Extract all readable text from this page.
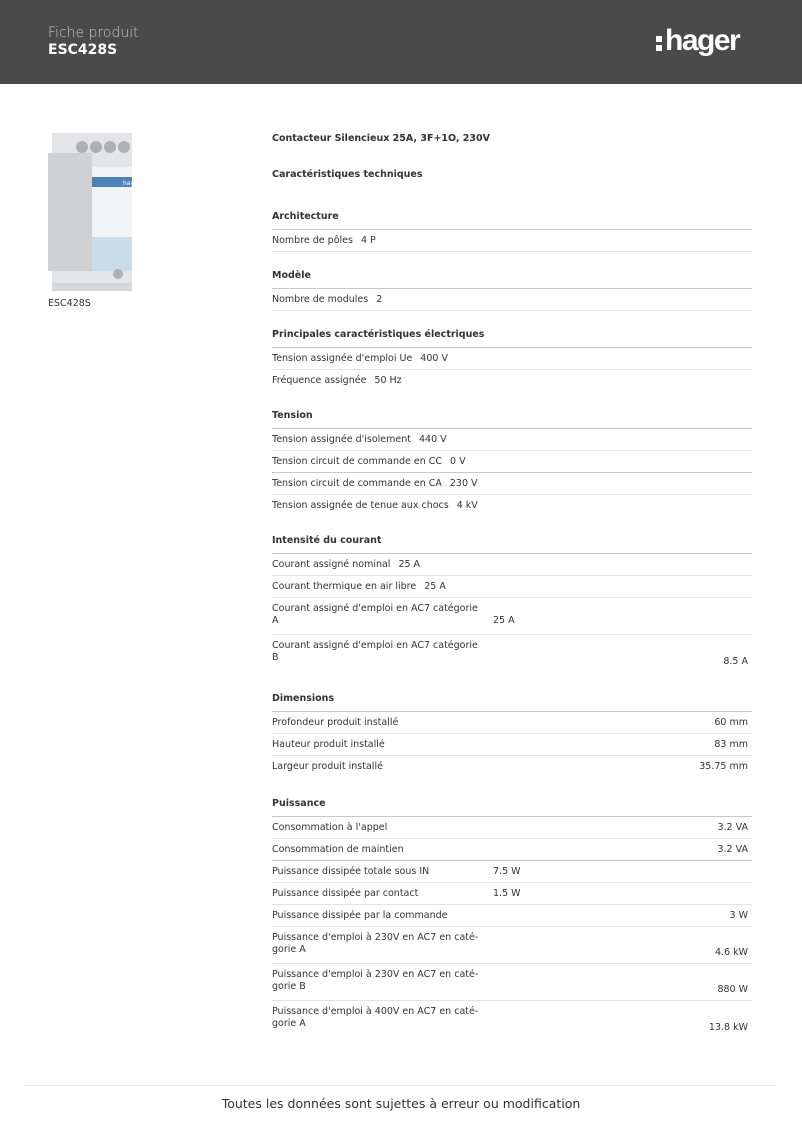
Fiche produit
ESC428S	hager
hager
ESC428S
Contacteur Silencieux 25A, 3F+1O, 230V
Caractéristiques techniques
Architecture
Nombre de pôles 4 P
Modèle
Nombre de modules 2
Principales caractéristiques électriques
Tension assignée d'emploi Ue 400 V
Fréquence assignée 50 Hz
Tension
Tension assignée d'isolement 440 V
Tension circuit de commande en CC 0 V
Tension circuit de commande en CA 230 V
Tension assignée de tenue aux chocs 4 kV
Intensité du courant
Courant assigné nominal 25 A
Courant thermique en air libre 25 A
Courant assigné d'emploi en AC7 catégorie A	25 A
Courant assigné d'emploi en AC7 catégorie B	8.5 A
Dimensions
Profondeur produit installé	60 mm
Hauteur produit installé	83 mm
Largeur produit installé	35.75 mm
Puissance
Consommation à l'appel	3.2 VA
Consommation de maintien	3.2 VA
Puissance dissipée totale sous IN	7.5 W
Puissance dissipée par contact	1.5 W
Puissance dissipée par la commande	3 W
Puissance d'emploi à 230V en AC7 en caté-gorie A	4.6 kW
Puissance d'emploi à 230V en AC7 en caté-gorie B	880 W
Puissance d'emploi à 400V en AC7 en caté-gorie A	13.8 kW
Toutes les données sont sujettes à erreur ou modification
